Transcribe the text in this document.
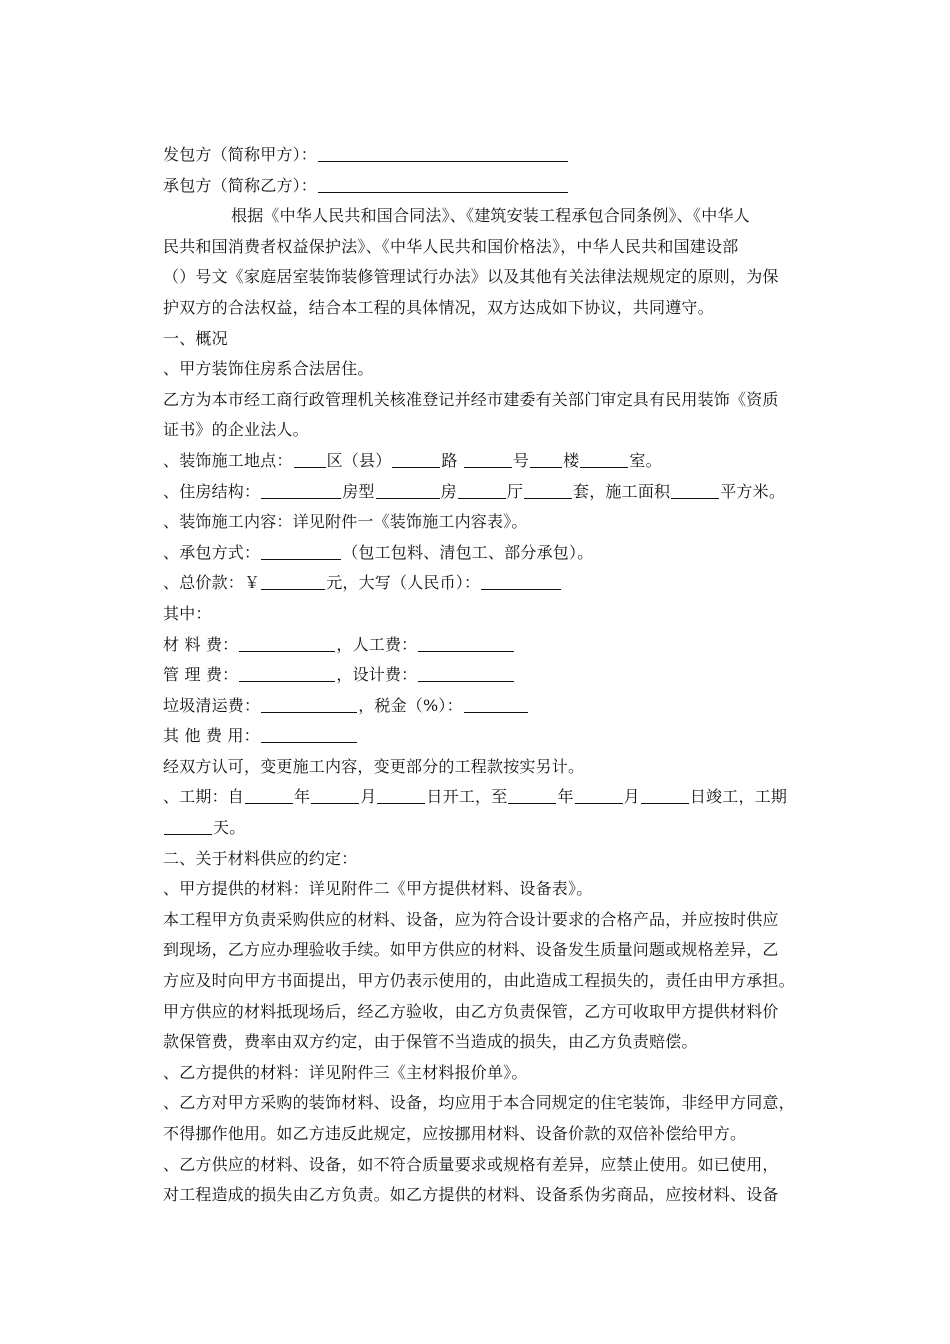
发包方（简称甲方）：
承包方（简称乙方）：
根据《中华人民共和国合同法》、《建筑安装工程承包合同条例》、《中华人
民共和国消费者权益保护法》、《中华人民共和国价格法》，中华人民共和国建设部
（）号文《家庭居室装饰装修管理试行办法》以及其他有关法律法规规定的原则，为保
护双方的合法权益，结合本工程的具体情况，双方达成如下协议，共同遵守。
一、概况
、甲方装饰住房系合法居住。
乙方为本市经工商行政管理机关核准登记并经市建委有关部门审定具有民用装饰《资质
证书》的企业法人。
、装饰施工地点： 区（县）	路	号 楼	室。
、住房结构：	房型	房	厅	套，施工面积	平方米。
、装饰施工内容：详见附件一《装饰施工内容表》。
、承包方式：	（包工包料、清包工、部分承包）。
、总价款：￥	元，大写（人民币）：
其中：
材 料 费：	，人工费：
管 理 费：	，设计费：
垃圾清运费：	，税金（%）：
其 他 费 用：
经双方认可，变更施工内容，变更部分的工程款按实另计。
、工期：自	年	月	日开工，至	年	月	日竣工，工期
天。
二、关于材料供应的约定：
、甲方提供的材料：详见附件二《甲方提供材料、设备表》。
本工程甲方负责采购供应的材料、设备，应为符合设计要求的合格产品，并应按时供应
到现场，乙方应办理验收手续。如甲方供应的材料、设备发生质量问题或规格差异，乙
方应及时向甲方书面提出，甲方仍表示使用的，由此造成工程损失的，责任由甲方承担。
甲方供应的材料抵现场后，经乙方验收，由乙方负责保管，乙方可收取甲方提供材料价
款保管费，费率由双方约定，由于保管不当造成的损失，由乙方负责赔偿。
、乙方提供的材料：详见附件三《主材料报价单》。
、乙方对甲方采购的装饰材料、设备，均应用于本合同规定的住宅装饰，非经甲方同意，
不得挪作他用。如乙方违反此规定，应按挪用材料、设备价款的双倍补偿给甲方。
、乙方供应的材料、设备，如不符合质量要求或规格有差异，应禁止使用。如已使用，
对工程造成的损失由乙方负责。如乙方提供的材料、设备系伪劣商品，应按材料、设备
